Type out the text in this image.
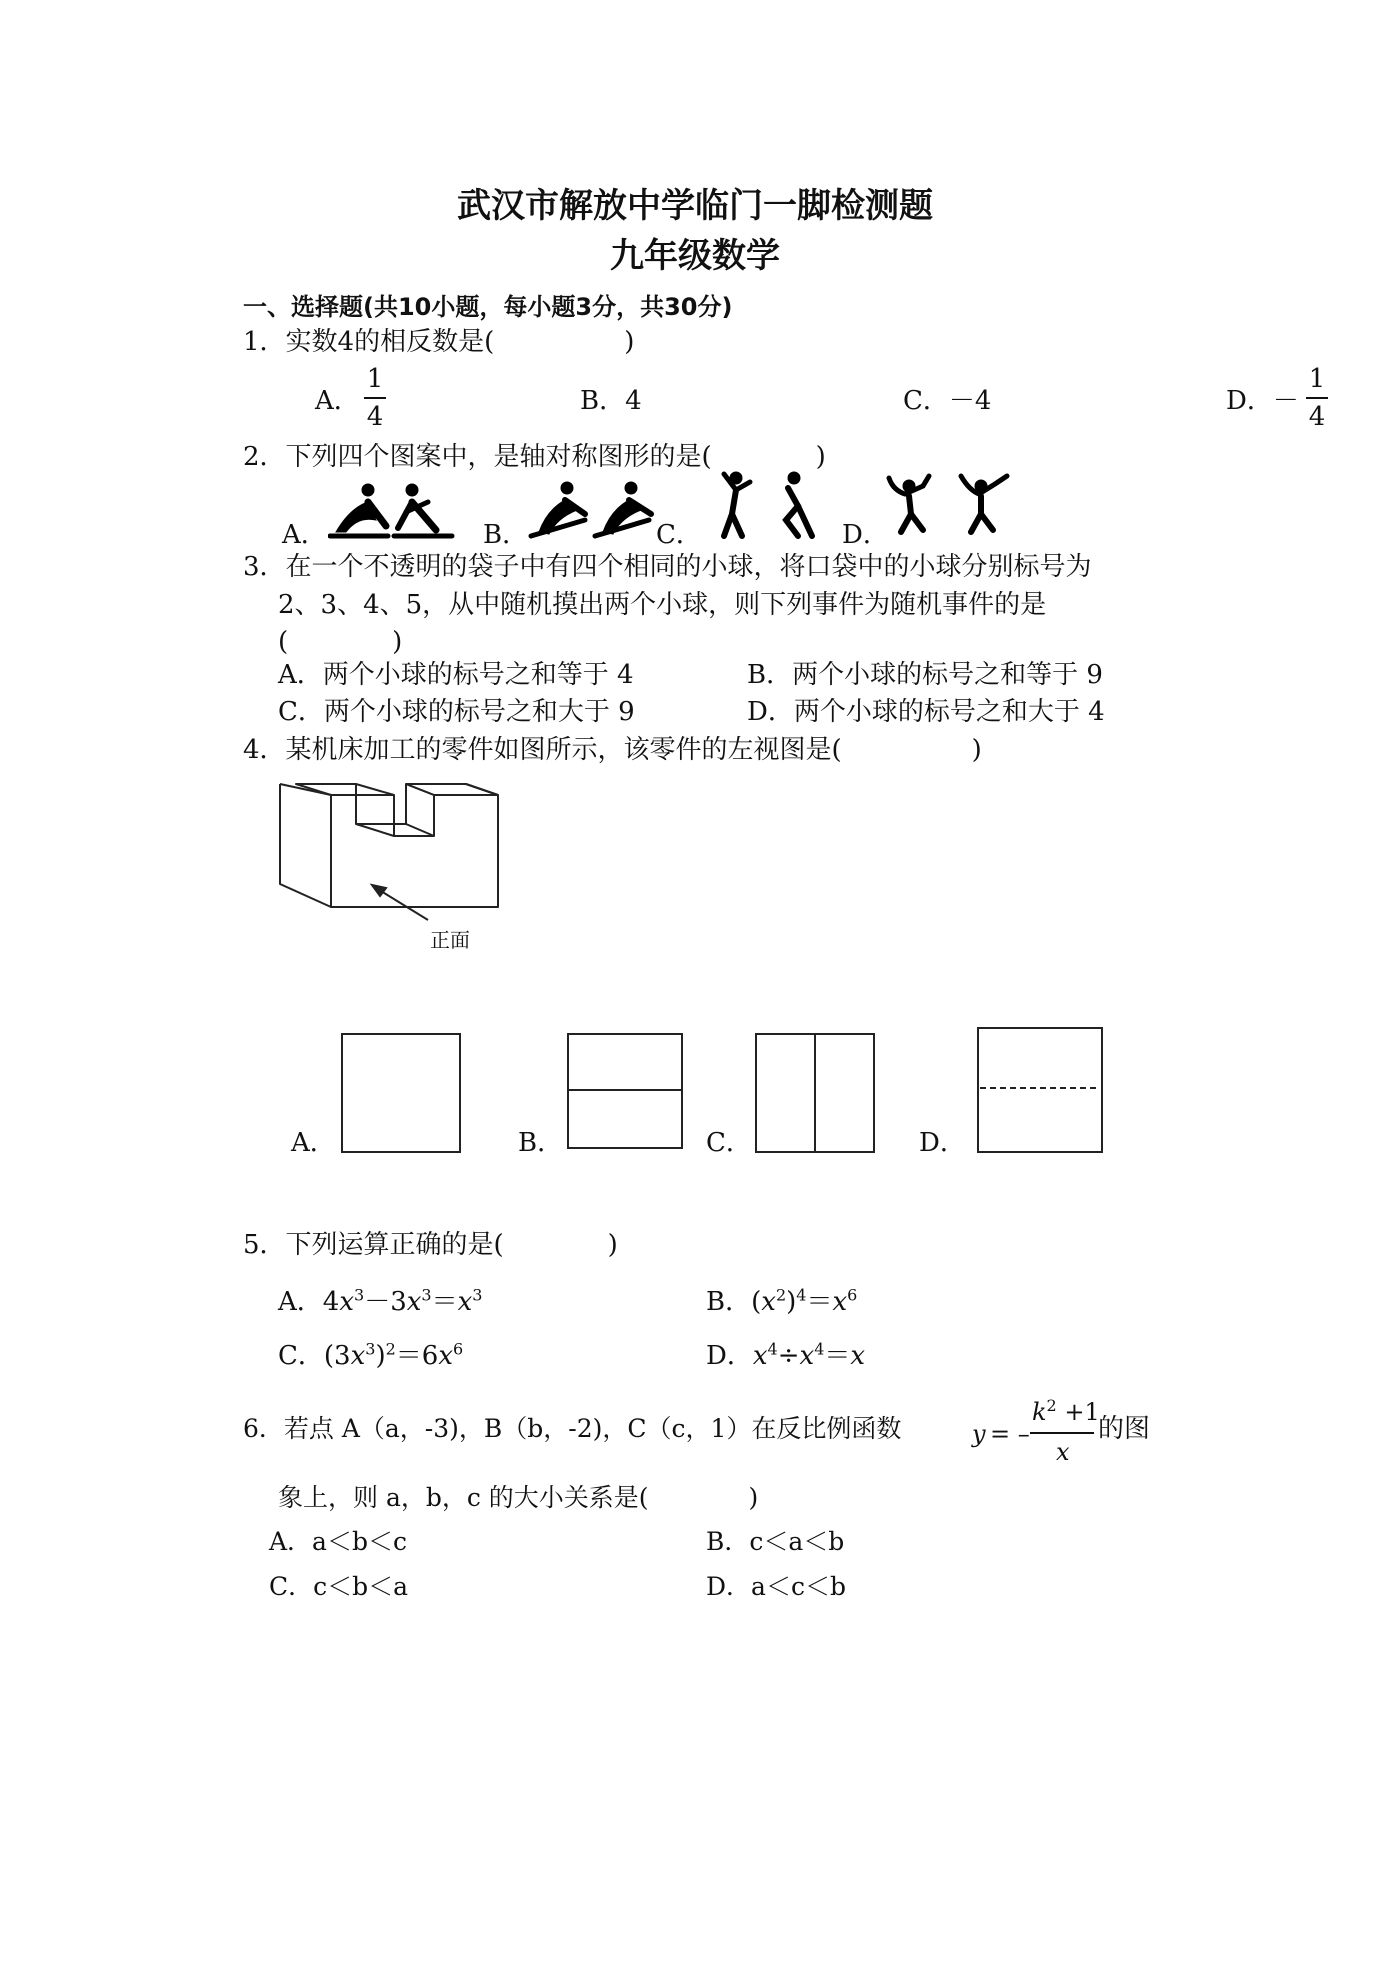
武汉市解放中学临门一脚检测题
九年级数学
一、选择题(共10小题，每小题3分，共30分)
1．实数4的相反数是(　　　　　)
A．
1
4
B．4	C．－4	D．－
1
4
2．下列四个图案中，是轴对称图形的是(　　　　)
A．	B．	C．	D．
3．在一个不透明的袋子中有四个相同的小球，将口袋中的小球分别标号为
2、3、4、5，从中随机摸出两个小球，则下列事件为随机事件的是
(　　　　)
A．两个小球的标号之和等于 4	B．两个小球的标号之和等于 9
C．两个小球的标号之和大于 9	D．两个小球的标号之和大于 4
4．某机床加工的零件如图所示，该零件的左视图是(　　　　　)
正面
A．	B．	C．	D．
5．下列运算正确的是(　　　　)
A．$4x^3-3x^3=x^3$	B．$(x^2)^4=x^6$
C．$(3x^3)^2=6x^6$	D．$x^4\div x^4=x$
6．若点 A（a，-3)，B（b，-2)，C（c，1）在反比例函数	y = –
$k^2 +1$
x
的图
象上，则 a，b，c 的大小关系是(　　　　)
A．a＜b＜c	B．c＜a＜b
C．c＜b＜a	D．a＜c＜b
